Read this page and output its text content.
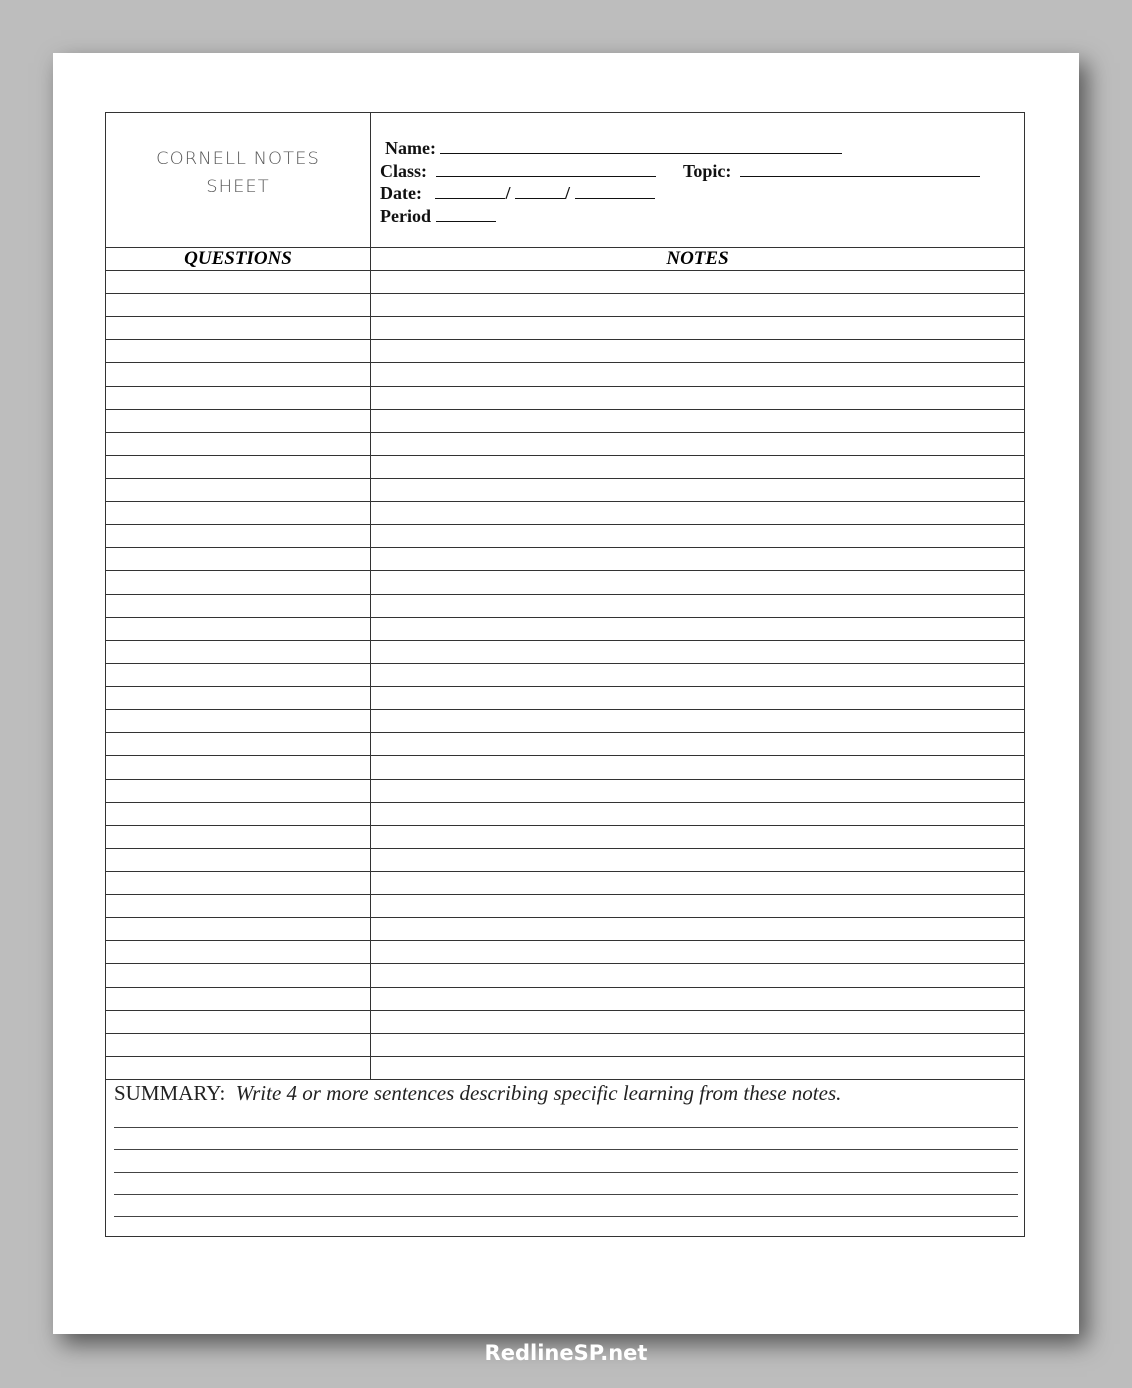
CORNELL NOTES
SHEET
Name:
Class:	Topic:
Date:	/	/
Period
QUESTIONS	NOTES
SUMMARY: Write 4 or more sentences describing specific learning from these notes.
RedlineSP.net
